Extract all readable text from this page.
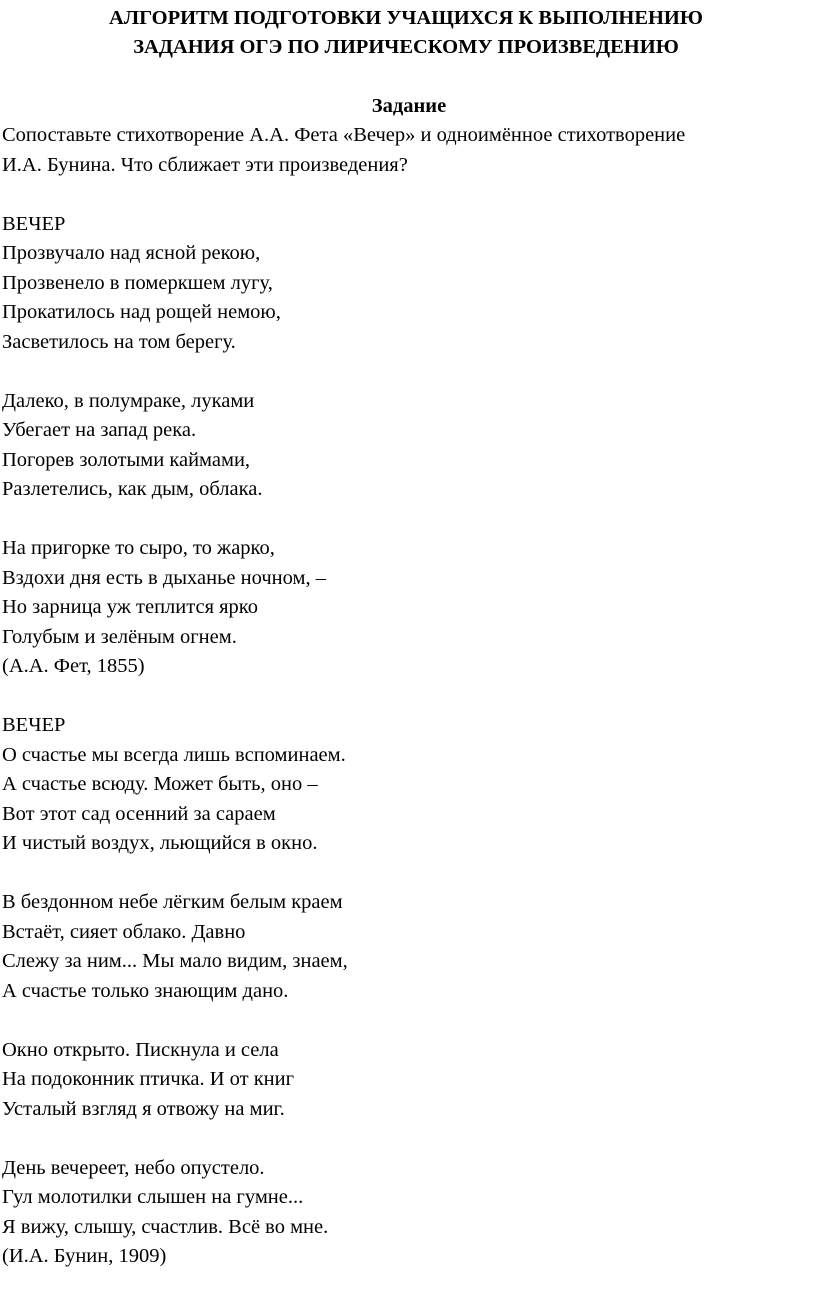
АЛГОРИТМ ПОДГОТОВКИ УЧАЩИХСЯ К ВЫПОЛНЕНИЮ
ЗАДАНИЯ ОГЭ ПО ЛИРИЧЕСКОМУ ПРОИЗВЕДЕНИЮ
Задание

Сопоставьте стихотворение А.А. Фета «Вечер» и одноимённое стихотворение
И.А. Бунина. Что сближает эти произведения?

ВЕЧЕР
Прозвучало над ясной рекою,
Прозвенело в померкшем лугу,
Прокатилось над рощей немою,
Засветилось на том берегу.
Далеко, в полумраке, луками
Убегает на запад река.
Погорев золотыми каймами,
Разлетелись, как дым, облака.
На пригорке то сыро, то жарко,
Вздохи дня есть в дыханье ночном, –
Но зарница уж теплится ярко
Голубым и зелёным огнем.
(А.А. Фет, 1855)
ВЕЧЕР
О счастье мы всегда лишь вспоминаем.
А счастье всюду. Может быть, оно –
Вот этот сад осенний за сараем
И чистый воздух, льющийся в окно.
В бездонном небе лёгким белым краем
Встаёт, сияет облако. Давно
Слежу за ним... Мы мало видим, знаем,
А счастье только знающим дано.
Окно открыто. Пискнула и села
На подоконник птичка. И от книг
Усталый взгляд я отвожу на миг.
День вечереет, небо опустело.
Гул молотилки слышен на гумне...
Я вижу, слышу, счастлив. Всё во мне.
(И.А. Бунин, 1909)
